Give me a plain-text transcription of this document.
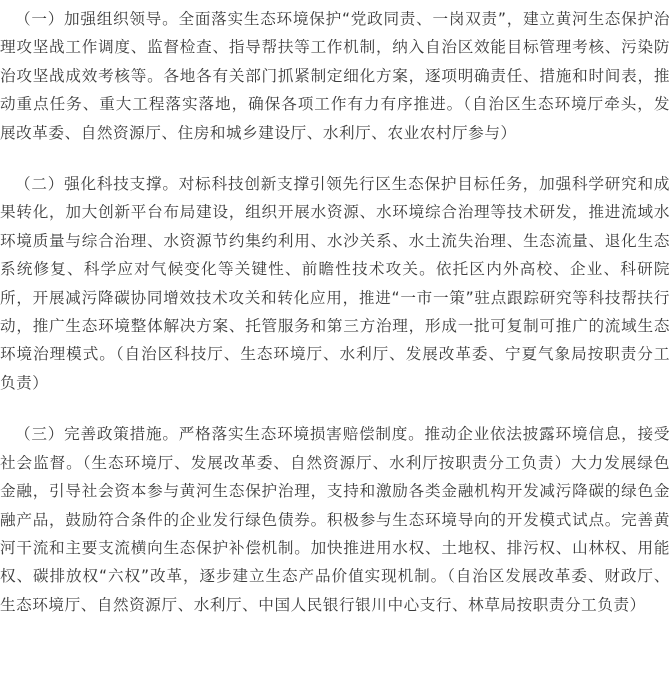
（一）加强组织领导。全面落实生态环境保护“党政同责、一岗双责”，建立黄河生态保护治理攻坚战工作调度、监督检查、指导帮扶等工作机制，纳入自治区效能目标管理考核、污染防治攻坚战成效考核等。各地各有关部门抓紧制定细化方案，逐项明确责任、措施和时间表，推动重点任务、重大工程落实落地，确保各项工作有力有序推进。（自治区生态环境厅牵头，发展改革委、自然资源厅、住房和城乡建设厅、水利厅、农业农村厅参与）

（二）强化科技支撑。对标科技创新支撑引领先行区生态保护目标任务，加强科学研究和成果转化，加大创新平台布局建设，组织开展水资源、水环境综合治理等技术研发，推进流域水环境质量与综合治理、水资源节约集约利用、水沙关系、水土流失治理、生态流量、退化生态系统修复、科学应对气候变化等关键性、前瞻性技术攻关。依托区内外高校、企业、科研院所，开展减污降碳协同增效技术攻关和转化应用，推进“一市一策”驻点跟踪研究等科技帮扶行动，推广生态环境整体解决方案、托管服务和第三方治理，形成一批可复制可推广的流域生态环境治理模式。（自治区科技厅、生态环境厅、水利厅、发展改革委、宁夏气象局按职责分工负责）

（三）完善政策措施。严格落实生态环境损害赔偿制度。推动企业依法披露环境信息，接受社会监督。（生态环境厅、发展改革委、自然资源厅、水利厅按职责分工负责）大力发展绿色金融，引导社会资本参与黄河生态保护治理，支持和激励各类金融机构开发减污降碳的绿色金融产品，鼓励符合条件的企业发行绿色债券。积极参与生态环境导向的开发模式试点。完善黄河干流和主要支流横向生态保护补偿机制。加快推进用水权、土地权、排污权、山林权、用能权、碳排放权“六权”改革，逐步建立生态产品价值实现机制。（自治区发展改革委、财政厅、生态环境厅、自然资源厅、水利厅、中国人民银行银川中心支行、林草局按职责分工负责）
